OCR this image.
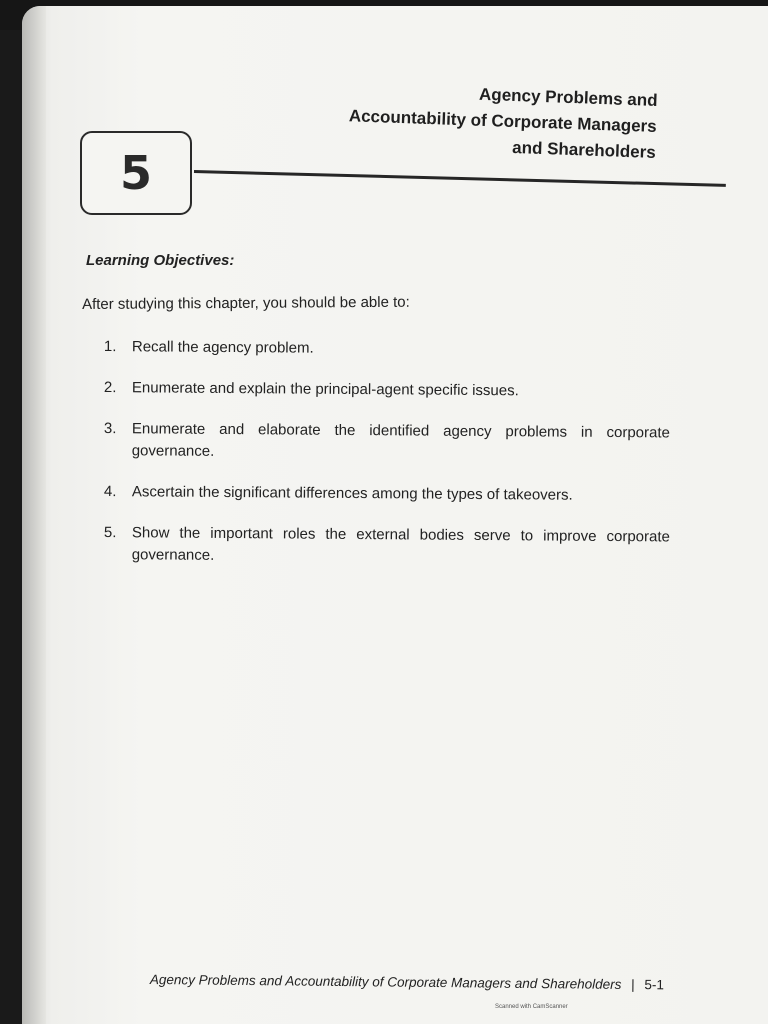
5
Agency Problems and
Accountability of Corporate Managers
and Shareholders
Learning Objectives:
After studying this chapter, you should be able to:
1. Recall the agency problem.
2. Enumerate and explain the principal-agent specific issues.
3. Enumerate and elaborate the identified agency problems in corporate governance.
4. Ascertain the significant differences among the types of takeovers.
5. Show the important roles the external bodies serve to improve corporate governance.
Agency Problems and Accountability of Corporate Managers and Shareholders | 5-1
Scanned with CamScanner
